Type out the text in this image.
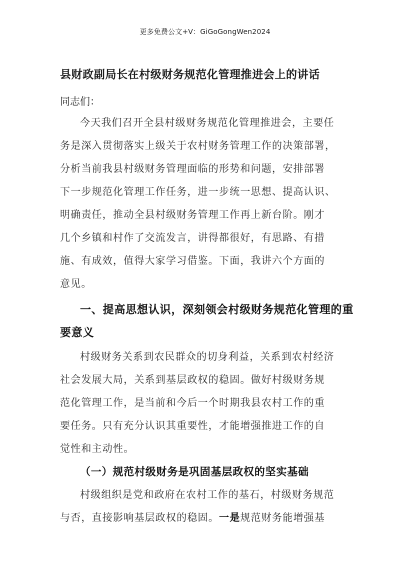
更多免费公文+V：GiGoGongWen2024
县财政副局长在村级财务规范化管理推进会上的讲话
同志们：
今天我们召开全县村级财务规范化管理推进会，主要任
务是深入贯彻落实上级关于农村财务管理工作的决策部署，
分析当前我县村级财务管理面临的形势和问题，安排部署
下一步规范化管理工作任务，进一步统一思想、提高认识、
明确责任，推动全县村级财务管理工作再上新台阶。刚才
几个乡镇和村作了交流发言，讲得都很好，有思路、有措
施、有成效，值得大家学习借鉴。下面，我讲六个方面的
意见。
一、提高思想认识，深刻领会村级财务规范化管理的重
要意义
村级财务关系到农民群众的切身利益，关系到农村经济
社会发展大局，关系到基层政权的稳固。做好村级财务规
范化管理工作，是当前和今后一个时期我县农村工作的重
要任务。只有充分认识其重要性，才能增强推进工作的自
觉性和主动性。
（一）规范村级财务是巩固基层政权的坚实基础
村级组织是党和政府在农村工作的基石，村级财务规范
与否，直接影响基层政权的稳固。一是规范财务能增强基
